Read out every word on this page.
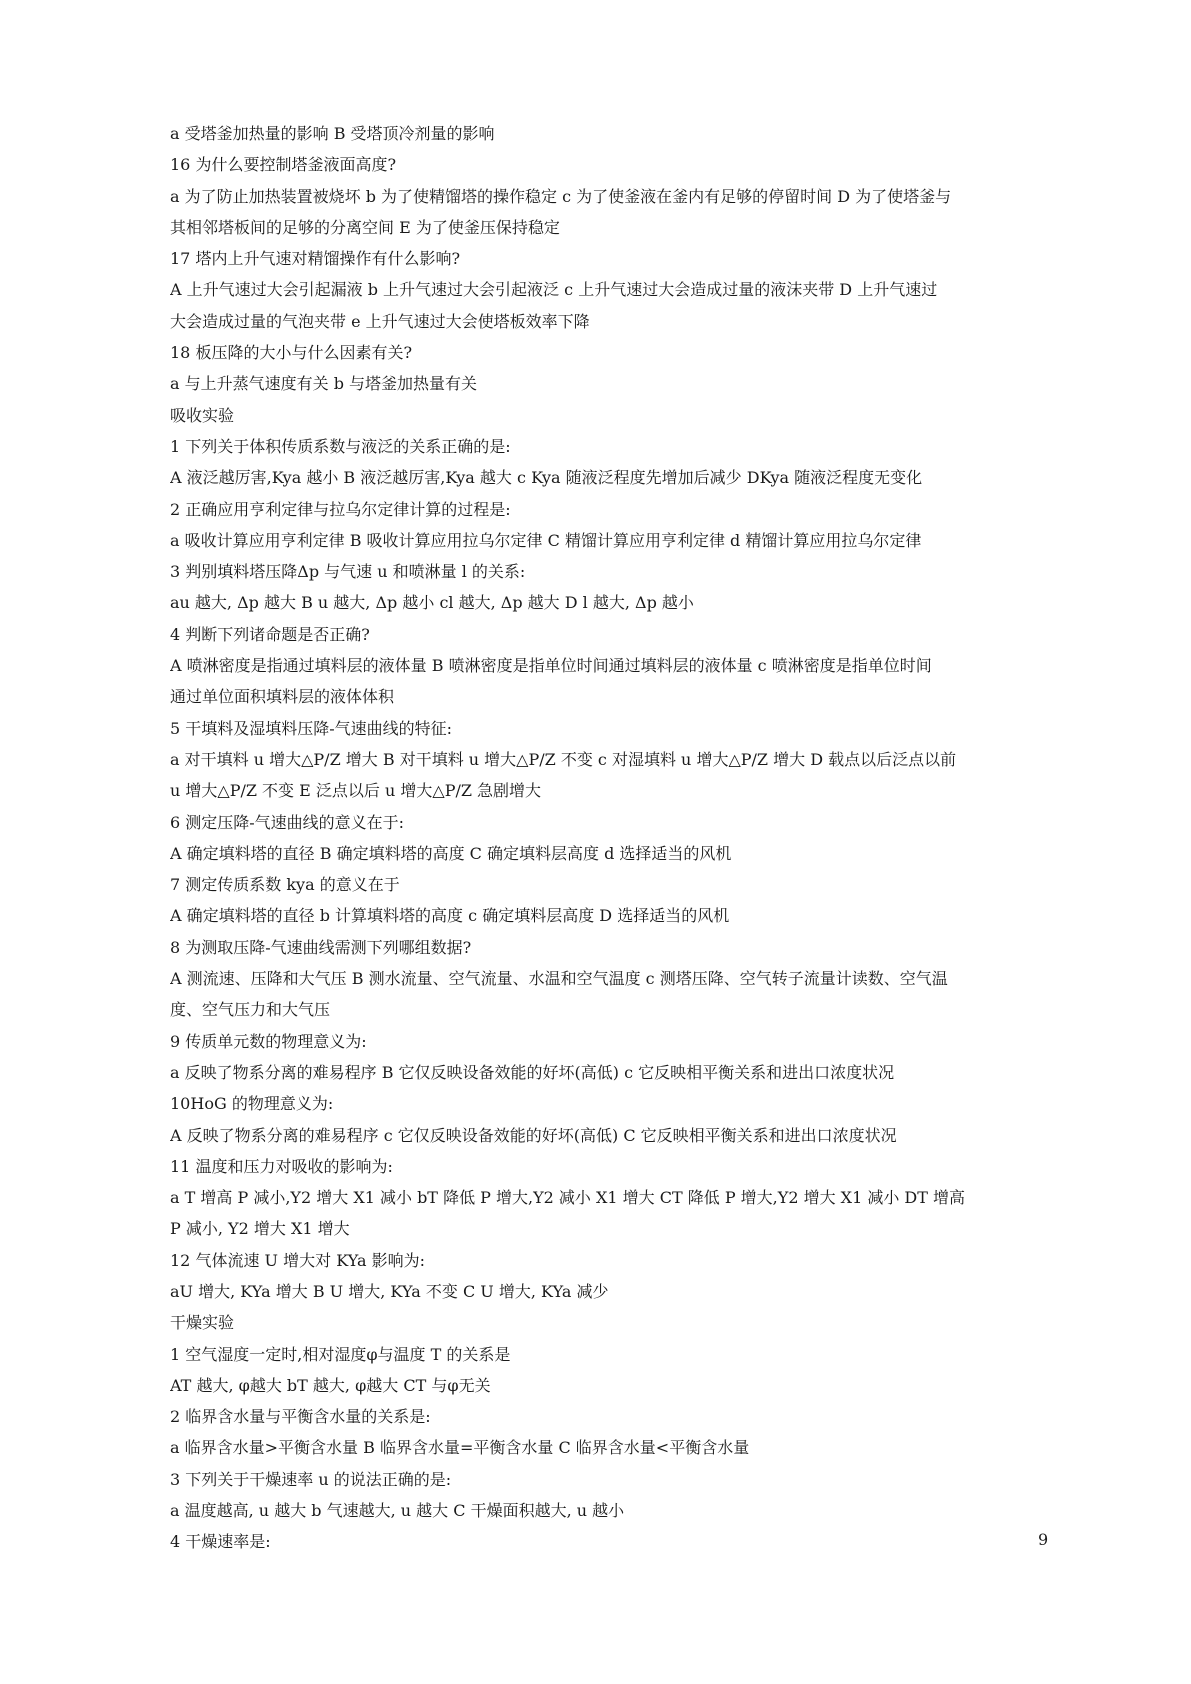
a 受塔釜加热量的影响 B 受塔顶冷剂量的影响
16 为什么要控制塔釜液面高度?
a 为了防止加热装置被烧坏 b 为了使精馏塔的操作稳定 c 为了使釜液在釜内有足够的停留时间 D 为了使塔釜与
其相邻塔板间的足够的分离空间 E 为了使釜压保持稳定
17 塔内上升气速对精馏操作有什么影响?
A 上升气速过大会引起漏液 b 上升气速过大会引起液泛 c 上升气速过大会造成过量的液沫夹带 D 上升气速过
大会造成过量的气泡夹带 e 上升气速过大会使塔板效率下降
18 板压降的大小与什么因素有关?
a 与上升蒸气速度有关 b 与塔釜加热量有关
吸收实验
1 下列关于体积传质系数与液泛的关系正确的是:
A 液泛越厉害,Kya 越小 B 液泛越厉害,Kya 越大 c Kya 随液泛程度先增加后减少 DKya 随液泛程度无变化
2 正确应用亨利定律与拉乌尔定律计算的过程是:
a 吸收计算应用亨利定律 B 吸收计算应用拉乌尔定律 C 精馏计算应用亨利定律 d 精馏计算应用拉乌尔定律
3 判别填料塔压降Δp 与气速 u 和喷淋量 l 的关系:
au 越大, Δp 越大 B u 越大, Δp 越小 cl 越大, Δp 越大 D l 越大, Δp 越小
4 判断下列诸命题是否正确?
A 喷淋密度是指通过填料层的液体量 B 喷淋密度是指单位时间通过填料层的液体量 c 喷淋密度是指单位时间
通过单位面积填料层的液体体积
5 干填料及湿填料压降-气速曲线的特征:
a 对干填料 u 增大△P/Z 增大 B 对干填料 u 增大△P/Z 不变 c 对湿填料 u 增大△P/Z 增大 D 载点以后泛点以前
u 增大△P/Z 不变 E 泛点以后 u 增大△P/Z 急剧增大
6 测定压降-气速曲线的意义在于:
A 确定填料塔的直径 B 确定填料塔的高度 C 确定填料层高度 d 选择适当的风机
7 测定传质系数 kya 的意义在于
A 确定填料塔的直径 b 计算填料塔的高度 c 确定填料层高度 D 选择适当的风机
8 为测取压降-气速曲线需测下列哪组数据?
A 测流速、压降和大气压 B 测水流量、空气流量、水温和空气温度 c 测塔压降、空气转子流量计读数、空气温
度、空气压力和大气压
9 传质单元数的物理意义为:
a 反映了物系分离的难易程序 B 它仅反映设备效能的好坏(高低) c 它反映相平衡关系和进出口浓度状况
10HoG 的物理意义为:
A 反映了物系分离的难易程序 c 它仅反映设备效能的好坏(高低) C 它反映相平衡关系和进出口浓度状况
11 温度和压力对吸收的影响为:
a T 增高 P 减小,Y2 增大 X1 减小 bT 降低 P 增大,Y2 减小 X1 增大 CT 降低 P 增大,Y2 增大 X1 减小 DT 增高
P 减小, Y2 增大 X1 增大
12 气体流速 U 增大对 KYa 影响为:
aU 增大, KYa 增大 B U 增大, KYa 不变 C U 增大, KYa 减少
干燥实验
1 空气湿度一定时,相对湿度φ与温度 T 的关系是
AT 越大, φ越大 bT 越大, φ越大 CT 与φ无关
2 临界含水量与平衡含水量的关系是:
a 临界含水量>平衡含水量 B 临界含水量=平衡含水量 C 临界含水量<平衡含水量
3 下列关于干燥速率 u 的说法正确的是:
a 温度越高, u 越大 b 气速越大, u 越大 C 干燥面积越大, u 越小
4 干燥速率是:	9
